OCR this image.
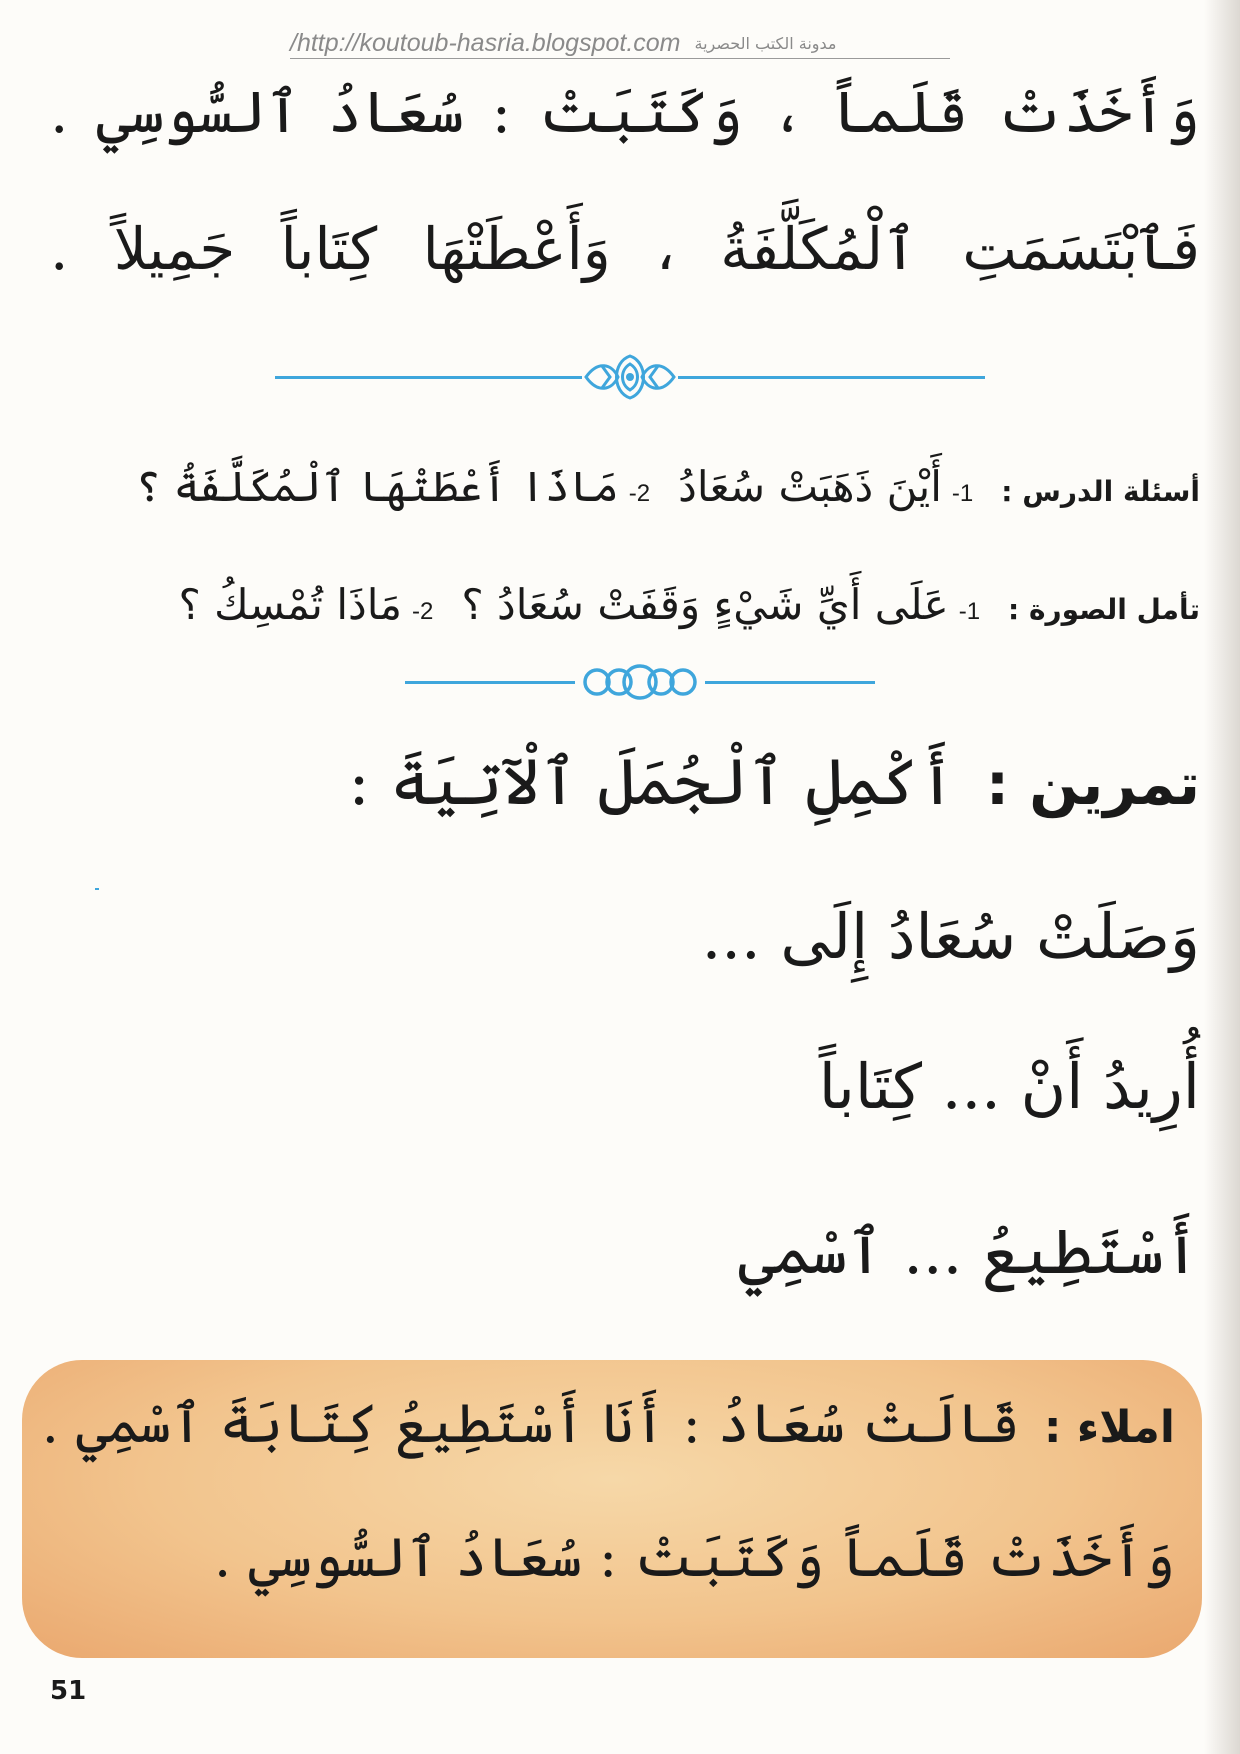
/http://koutoub-hasria.blogspot.com مدونة الكتب الحصرية
وَأَخَذَتْ قَلَماً ، وَكَتَبَتْ : سُعَادُ ٱلسُّوسِي .
فَٱبْتَسَمَتِ ٱلْمُكَلَّفَةُ ، وَأَعْطَتْهَا كِتَاباً جَمِيلاً .
أسئلة الدرس :
1-
أَيْنَ ذَهَبَتْ سُعَادُ
2-
مَاذَا أَعْطَتْهَا ٱلْمُكَلَّفَةُ ؟
تأمل الصورة :
1-
عَلَى أَيِّ شَيْءٍ وَقَفَتْ سُعَادُ ؟
2-
مَاذَا تُمْسِكُ ؟
تمرين :
أَكْمِلِ ٱلْجُمَلَ ٱلْآتِيَةَ :
وَصَلَتْ سُعَادُ إِلَى ...
أُرِيدُ أَنْ ... كِتَاباً
أَسْتَطِيعُ ... ٱسْمِي
املاء :
قَالَتْ سُعَادُ : أَنَا أَسْتَطِيعُ كِتَابَةَ ٱسْمِي .
وَأَخَذَتْ قَلَماً وَكَتَبَتْ : سُعَادُ ٱلسُّوسِي .
51
